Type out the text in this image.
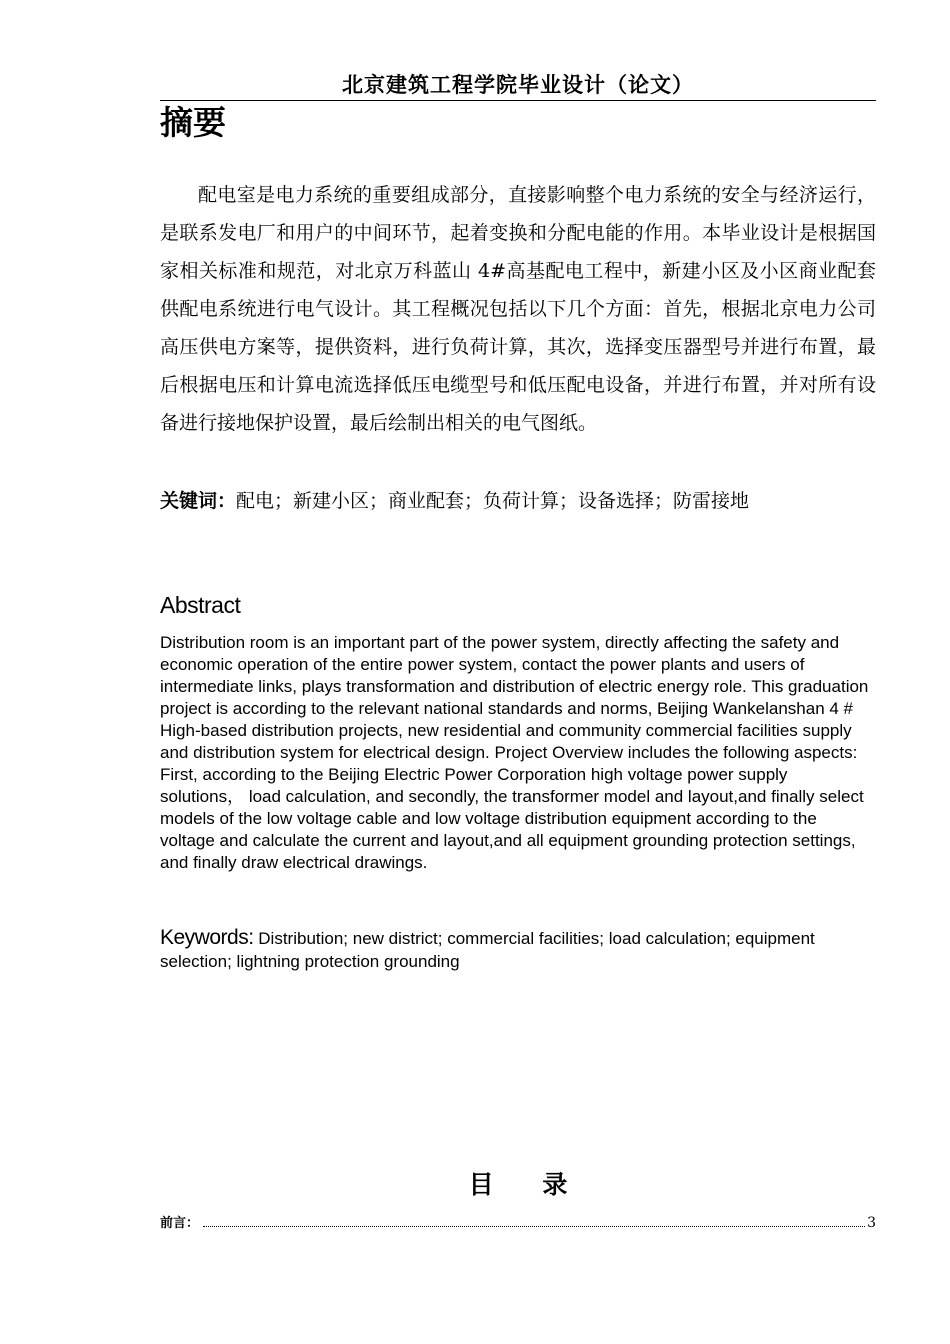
北京建筑工程学院毕业设计（论文）
摘要

配电室是电力系统的重要组成部分，直接影响整个电力系统的安全与经济运行，是联系发电厂和用户的中间环节，起着变换和分配电能的作用。本毕业设计是根据国家相关标准和规范，对北京万科蓝山 4#高基配电工程中，新建小区及小区商业配套供配电系统进行电气设计。其工程概况包括以下几个方面：首先，根据北京电力公司高压供电方案等，提供资料，进行负荷计算，其次，选择变压器型号并进行布置，最后根据电压和计算电流选择低压电缆型号和低压配电设备，并进行布置，并对所有设备进行接地保护设置，最后绘制出相关的电气图纸。

关键词：配电；新建小区；商业配套；负荷计算；设备选择；防雷接地

Abstract

Distribution room is an important part of the power system, directly affecting the safety and economic operation of the entire power system, contact the power plants and users of intermediate links, plays transformation and distribution of electric energy role. This graduation project is according to the relevant national standards and norms, Beijing Wankelanshan 4 # High-based distribution projects, new residential and community commercial facilities supply and distribution system for electrical design. Project Overview includes the following aspects: First, according to the Beijing Electric Power Corporation high voltage power supply solutions， load calculation, and secondly, the transformer model and layout,and finally select models of the low voltage cable and low voltage distribution equipment according to the voltage and calculate the current and layout,and all equipment grounding protection settings, and finally draw electrical drawings.

Keywords: Distribution; new district; commercial facilities; load calculation; equipment selection; lightning protection grounding

目 录
前言：	3
